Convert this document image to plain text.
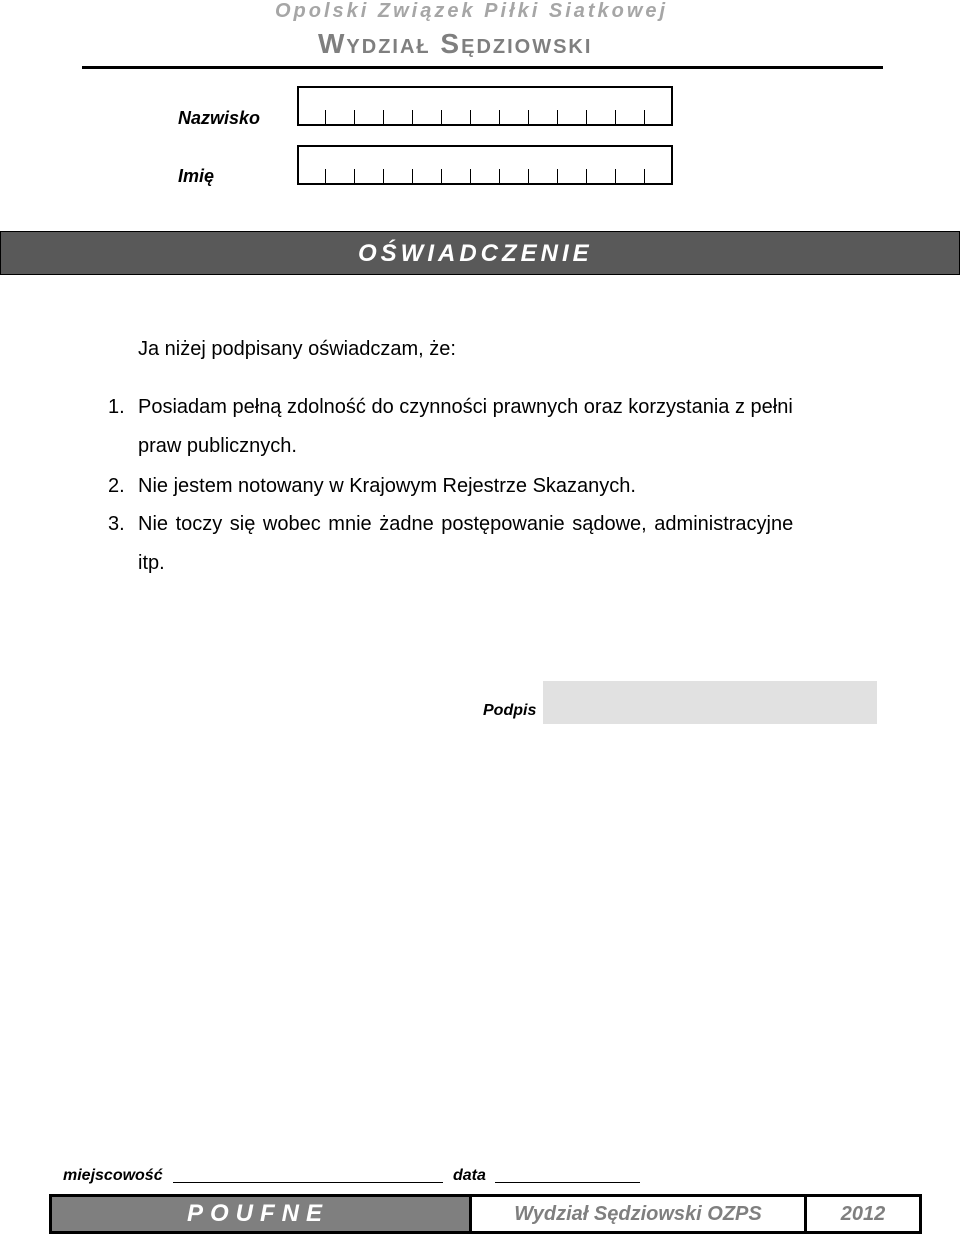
Opolski Związek Piłki Siatkowej
Wydział Sędziowski
Nazwisko
Imię
OŚWIADCZENIE
Ja niżej podpisany oświadczam, że:
1. Posiadam pełną zdolność do czynności prawnych oraz korzystania z pełni
praw publicznych.
2. Nie jestem notowany w Krajowym Rejestrze Skazanych.
3. Nie toczy się wobec mnie żadne postępowanie sądowe, administracyjne
itp.
Podpis
miejscowość	data
POUFNE	Wydział Sędziowski OZPS	2012
